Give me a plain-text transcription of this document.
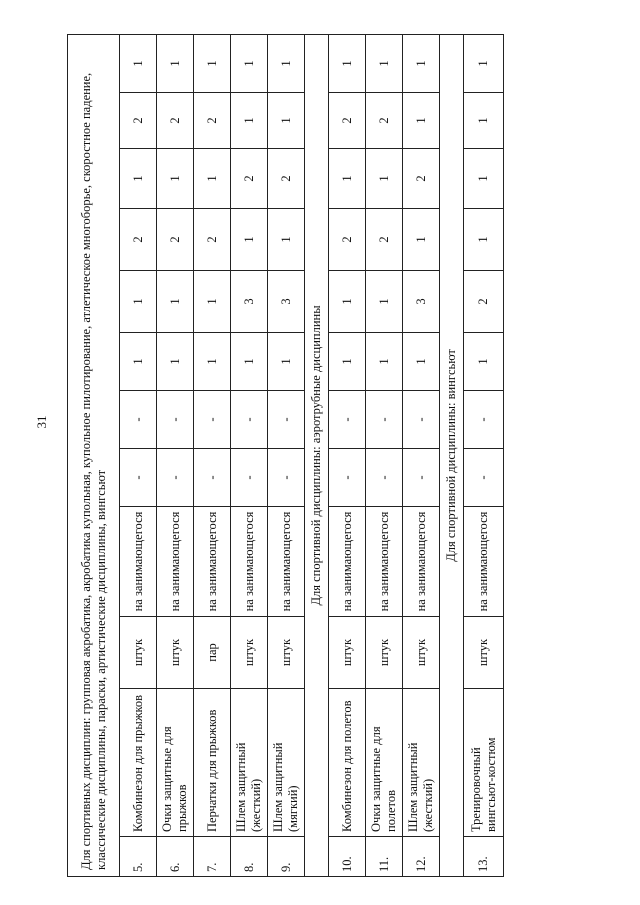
31 Для спортивных дисциплин: групповая акробатика, акробатика купольная, купольное пилотирование, атлетическое многоборье, скоростное падение, классические дисциплины, параски, артистические дисциплины, вингсьют											
5.	Комбинезон для прыжков	штук	на занимающегося	-	-	1	1	2	1	2	1
6.	Очки защитные для прыжков	штук	на занимающегося	-	-	1	1	2	1	2	1
7.	Перчатки для прыжков	пар	на занимающегося	-	-	1	1	2	1	2	1
8.	Шлем защитный (жесткий)	штук	на занимающегося	-	-	1	3	1	2	1	1
9.	Шлем защитный (мягкий)	штук	на занимающегося	-	-	1	3	1	2	1	1
Для спортивной дисциплины: аэротрубные дисциплины											
10.	Комбинезон для полетов	штук	на занимающегося	-	-	1	1	2	1	2	1
11.	Очки защитные для полетов	штук	на занимающегося	-	-	1	1	2	1	2	1
12.	Шлем защитный (жесткий)	штук	на занимающегося	-	-	1	3	1	2	1	1
Для спортивной дисциплины: вингсьют											
13.	Тренировочный вингсьют-костюм	штук	на занимающегося	-	-	1	2	1	1	1	1
